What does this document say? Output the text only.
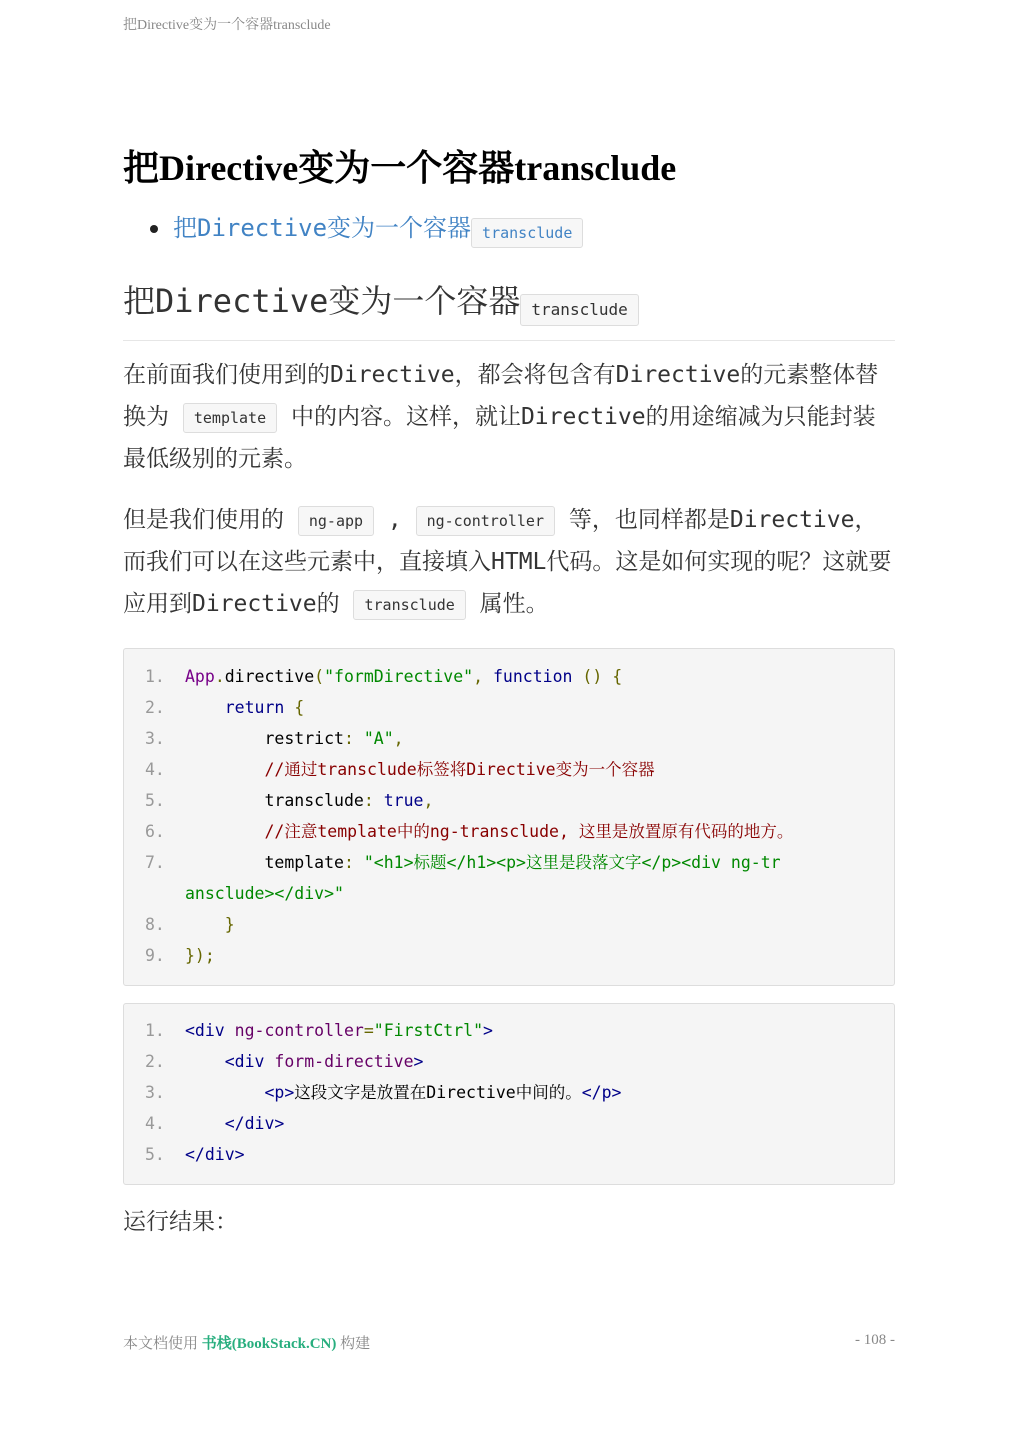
把Directive变为一个容器transclude
把Directive变为一个容器transclude
把Directive变为一个容器 transclude
把Directive变为一个容器 transclude

在前面我们使用到的Directive，都会将包含有Directive的元素整体替换为 template 中的内容。这样，就让Directive的用途缩减为只能封装最低级别的元素。

但是我们使用的 ng-app , ng-controller 等，也同样都是Directive，而我们可以在这些元素中，直接填入HTML代码。这是如何实现的呢？这就要应用到Directive的 transclude 属性。

1. App.directive("formDirective", function () {
2.	return {
3. restrict: "A",
4. //通过transclude标签将Directive变为一个容器
5. transclude: true,
6. //注意template中的ng-transclude, 这里是放置原有代码的地方。
7. template: "<h1>标题</h1><p>这里是段落文字</p><div ng-transclude></div>"
8. }
9. });
1. <div ng-controller="FirstCtrl">
2.	<div form-directive>
3.	<p>这段文字是放置在Directive中间的。</p>
4.	</div>
5. </div>

运行结果：

本文档使用 书栈(BookStack.CN) 构建	- 108 -
